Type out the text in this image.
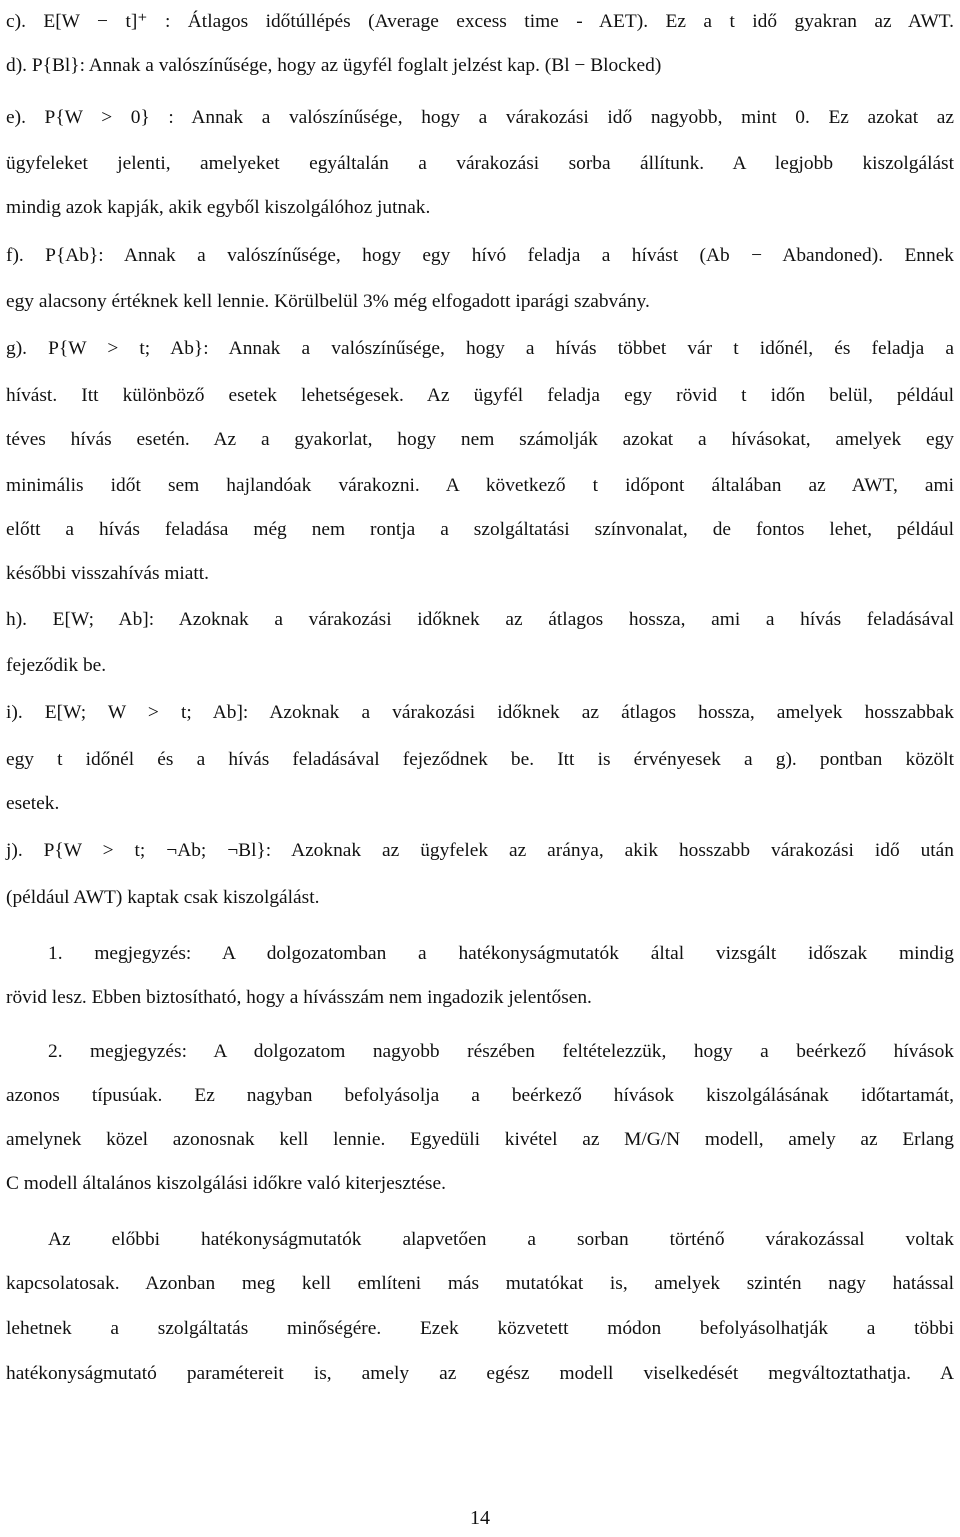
c). E[W − t]⁺ : Átlagos időtúllépés (Average excess time - AET). Ez a t idő gyakran az AWT.
d). P{Bl}: Annak a valószínűsége, hogy az ügyfél foglalt jelzést kap. (Bl − Blocked)
e). P{W > 0} : Annak a valószínűsége, hogy a várakozási idő nagyobb, mint 0. Ez azokat az
ügyfeleket jelenti, amelyeket egyáltalán a várakozási sorba állítunk. A legjobb kiszolgálást
mindig azok kapják, akik egyből kiszolgálóhoz jutnak.
f). P{Ab}: Annak a valószínűsége, hogy egy hívó feladja a hívást (Ab − Abandoned). Ennek
egy alacsony értéknek kell lennie. Körülbelül 3% még elfogadott iparági szabvány.
g). P{W > t; Ab}: Annak a valószínűsége, hogy a hívás többet vár t időnél, és feladja a
hívást. Itt különböző esetek lehetségesek. Az ügyfél feladja egy rövid t időn belül, például
téves hívás esetén. Az a gyakorlat, hogy nem számolják azokat a hívásokat, amelyek egy
minimális időt sem hajlandóak várakozni. A következő t időpont általában az AWT, ami
előtt a hívás feladása még nem rontja a szolgáltatási színvonalat, de fontos lehet, például
későbbi visszahívás miatt.
h). E[W; Ab]: Azoknak a várakozási időknek az átlagos hossza, ami a hívás feladásával
fejeződik be.
i). E[W; W > t; Ab]: Azoknak a várakozási időknek az átlagos hossza, amelyek hosszabbak
egy t időnél és a hívás feladásával fejeződnek be. Itt is érvényesek a g). pontban közölt
esetek.
j). P{W > t; ¬Ab; ¬Bl}: Azoknak az ügyfelek az aránya, akik hosszabb várakozási idő után
(például AWT) kaptak csak kiszolgálást.
1. megjegyzés: A dolgozatomban a hatékonyságmutatók által vizsgált időszak mindig
rövid lesz. Ebben biztosítható, hogy a hívásszám nem ingadozik jelentősen.
2. megjegyzés: A dolgozatom nagyobb részében feltételezzük, hogy a beérkező hívások
azonos típusúak. Ez nagyban befolyásolja a beérkező hívások kiszolgálásának időtartamát,
amelynek közel azonosnak kell lennie. Egyedüli kivétel az M/G/N modell, amely az Erlang
C modell általános kiszolgálási időkre való kiterjesztése.
Az előbbi hatékonyságmutatók alapvetően a sorban történő várakozással voltak
kapcsolatosak. Azonban meg kell említeni más mutatókat is, amelyek szintén nagy hatással
lehetnek a szolgáltatás minőségére. Ezek közvetett módon befolyásolhatják a többi
hatékonyságmutató paramétereit is, amely az egész modell viselkedését megváltoztathatja. A
14
